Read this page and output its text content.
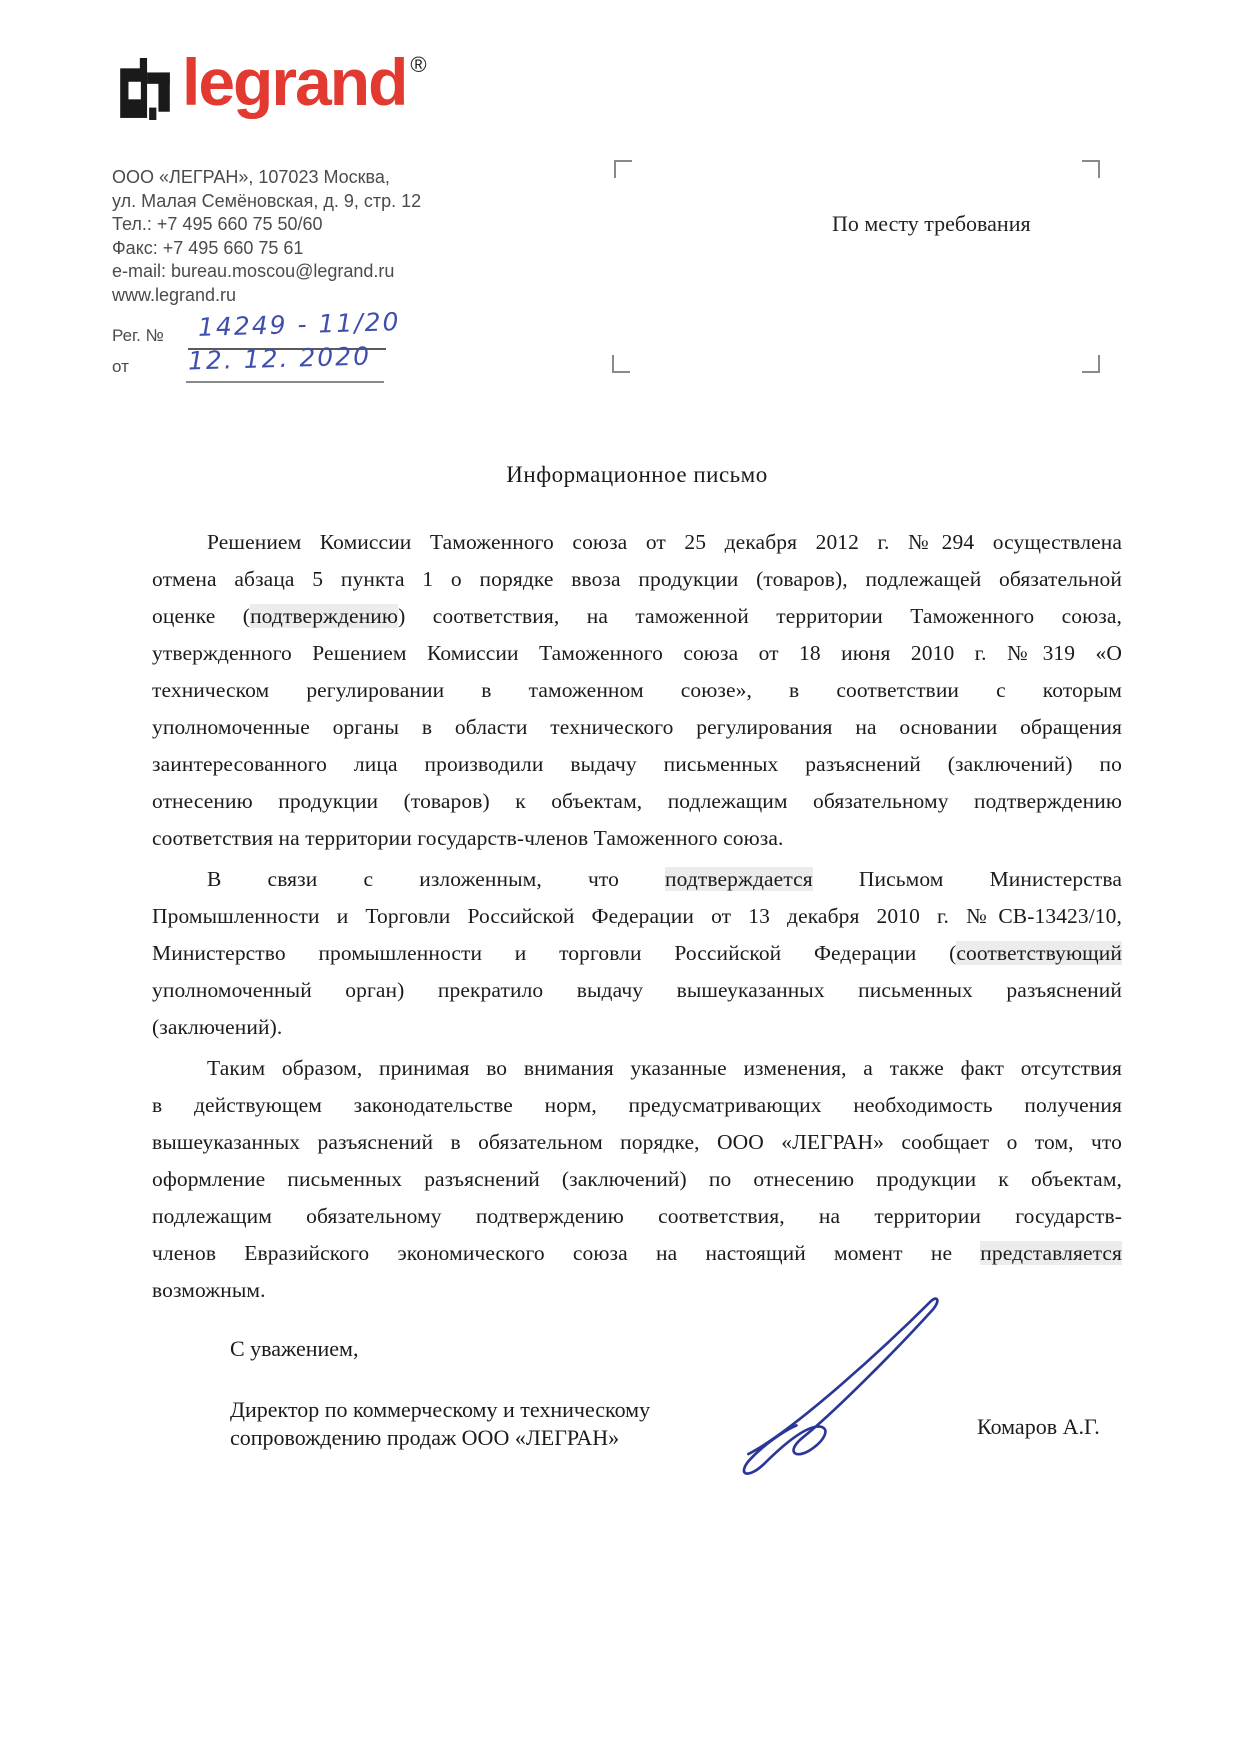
legrand ®
ООО «ЛЕГРАН», 107023 Москва,
ул. Малая Семёновская, д. 9, стр. 12
Тел.: +7 495 660 75 50/60
Факс: +7 495 660 75 61
e-mail: bureau.moscou@legrand.ru
www.legrand.ru
Рег. № 14249 - 11/20
от 12. 12. 2020
По месту требования
Информационное письмо
Решением Комиссии Таможенного союза от 25 декабря 2012 г. №294 осуществлена
отмена абзаца 5 пункта 1 о порядке ввоза продукции (товаров), подлежащей обязательной
оценке (подтверждению) соответствия, на таможенной территории Таможенного союза,
утвержденного Решением Комиссии Таможенного союза от 18 июня 2010 г. №319 «О
техническом регулировании в таможенном союзе», в соответствии с которым
уполномоченные органы в области технического регулирования на основании обращения
заинтересованного лица производили выдачу письменных разъяснений (заключений) по
отнесению продукции (товаров) к объектам, подлежащим обязательному подтверждению
соответствия на территории государств-членов Таможенного союза.
В связи с изложенным, что подтверждается Письмом Министерства
Промышленности и Торговли Российской Федерации от 13 декабря 2010 г. №СВ-13423/10,
Министерство промышленности и торговли Российской Федерации (соответствующий
уполномоченный орган) прекратило выдачу вышеуказанных письменных разъяснений
(заключений).
Таким образом, принимая во внимания указанные изменения, а также факт отсутствия
в действующем законодательстве норм, предусматривающих необходимость получения
вышеуказанных разъяснений в обязательном порядке, ООО «ЛЕГРАН» сообщает о том, что
оформление письменных разъяснений (заключений) по отнесению продукции к объектам,
подлежащим обязательному подтверждению соответствия, на территории государств-
членов Евразийского экономического союза на настоящий момент не представляется
возможным.
С уважением,
Директор по коммерческому и техническому
сопровождению продаж ООО «ЛЕГРАН»	Комаров А.Г.
